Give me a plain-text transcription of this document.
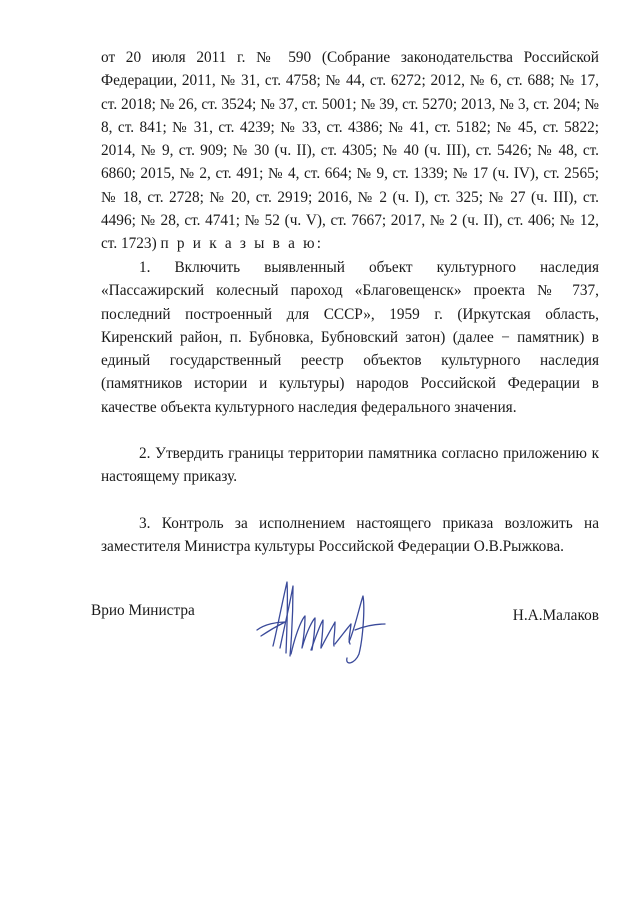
от 20 июля 2011 г. № 590 (Собрание законодательства Российской Федерации, 2011, № 31, ст. 4758; № 44, ст. 6272; 2012, № 6, ст. 688; № 17, ст. 2018; № 26, ст. 3524; № 37, ст. 5001; № 39, ст. 5270; 2013, № 3, ст. 204; № 8, ст. 841; № 31, ст. 4239; № 33, ст. 4386; № 41, ст. 5182; № 45, ст. 5822; 2014, № 9, ст. 909; № 30 (ч. II), ст. 4305; № 40 (ч. III), ст. 5426; № 48, ст. 6860; 2015, № 2, ст. 491; № 4, ст. 664; № 9, ст. 1339; № 17 (ч. IV), ст. 2565; № 18, ст. 2728; № 20, ст. 2919; 2016, № 2 (ч. I), ст. 325; № 27 (ч. III), ст. 4496; № 28, ст. 4741; № 52 (ч. V), ст. 7667; 2017, № 2 (ч. II), ст. 406; № 12, ст. 1723) п р и к а з ы в а ю:
1. Включить выявленный объект культурного наследия «Пассажирский колесный пароход «Благовещенск» проекта № 737, последний построенный для СССР», 1959 г. (Иркутская область, Киренский район, п. Бубновка, Бубновский затон) (далее − памятник) в единый государственный реестр объектов культурного наследия (памятников истории и культуры) народов Российской Федерации в качестве объекта культурного наследия федерального значения.
2. Утвердить границы территории памятника согласно приложению к настоящему приказу.
3. Контроль за исполнением настоящего приказа возложить на заместителя Министра культуры Российской Федерации О.В.Рыжкова.
Врио Министра	Н.А.Малаков
